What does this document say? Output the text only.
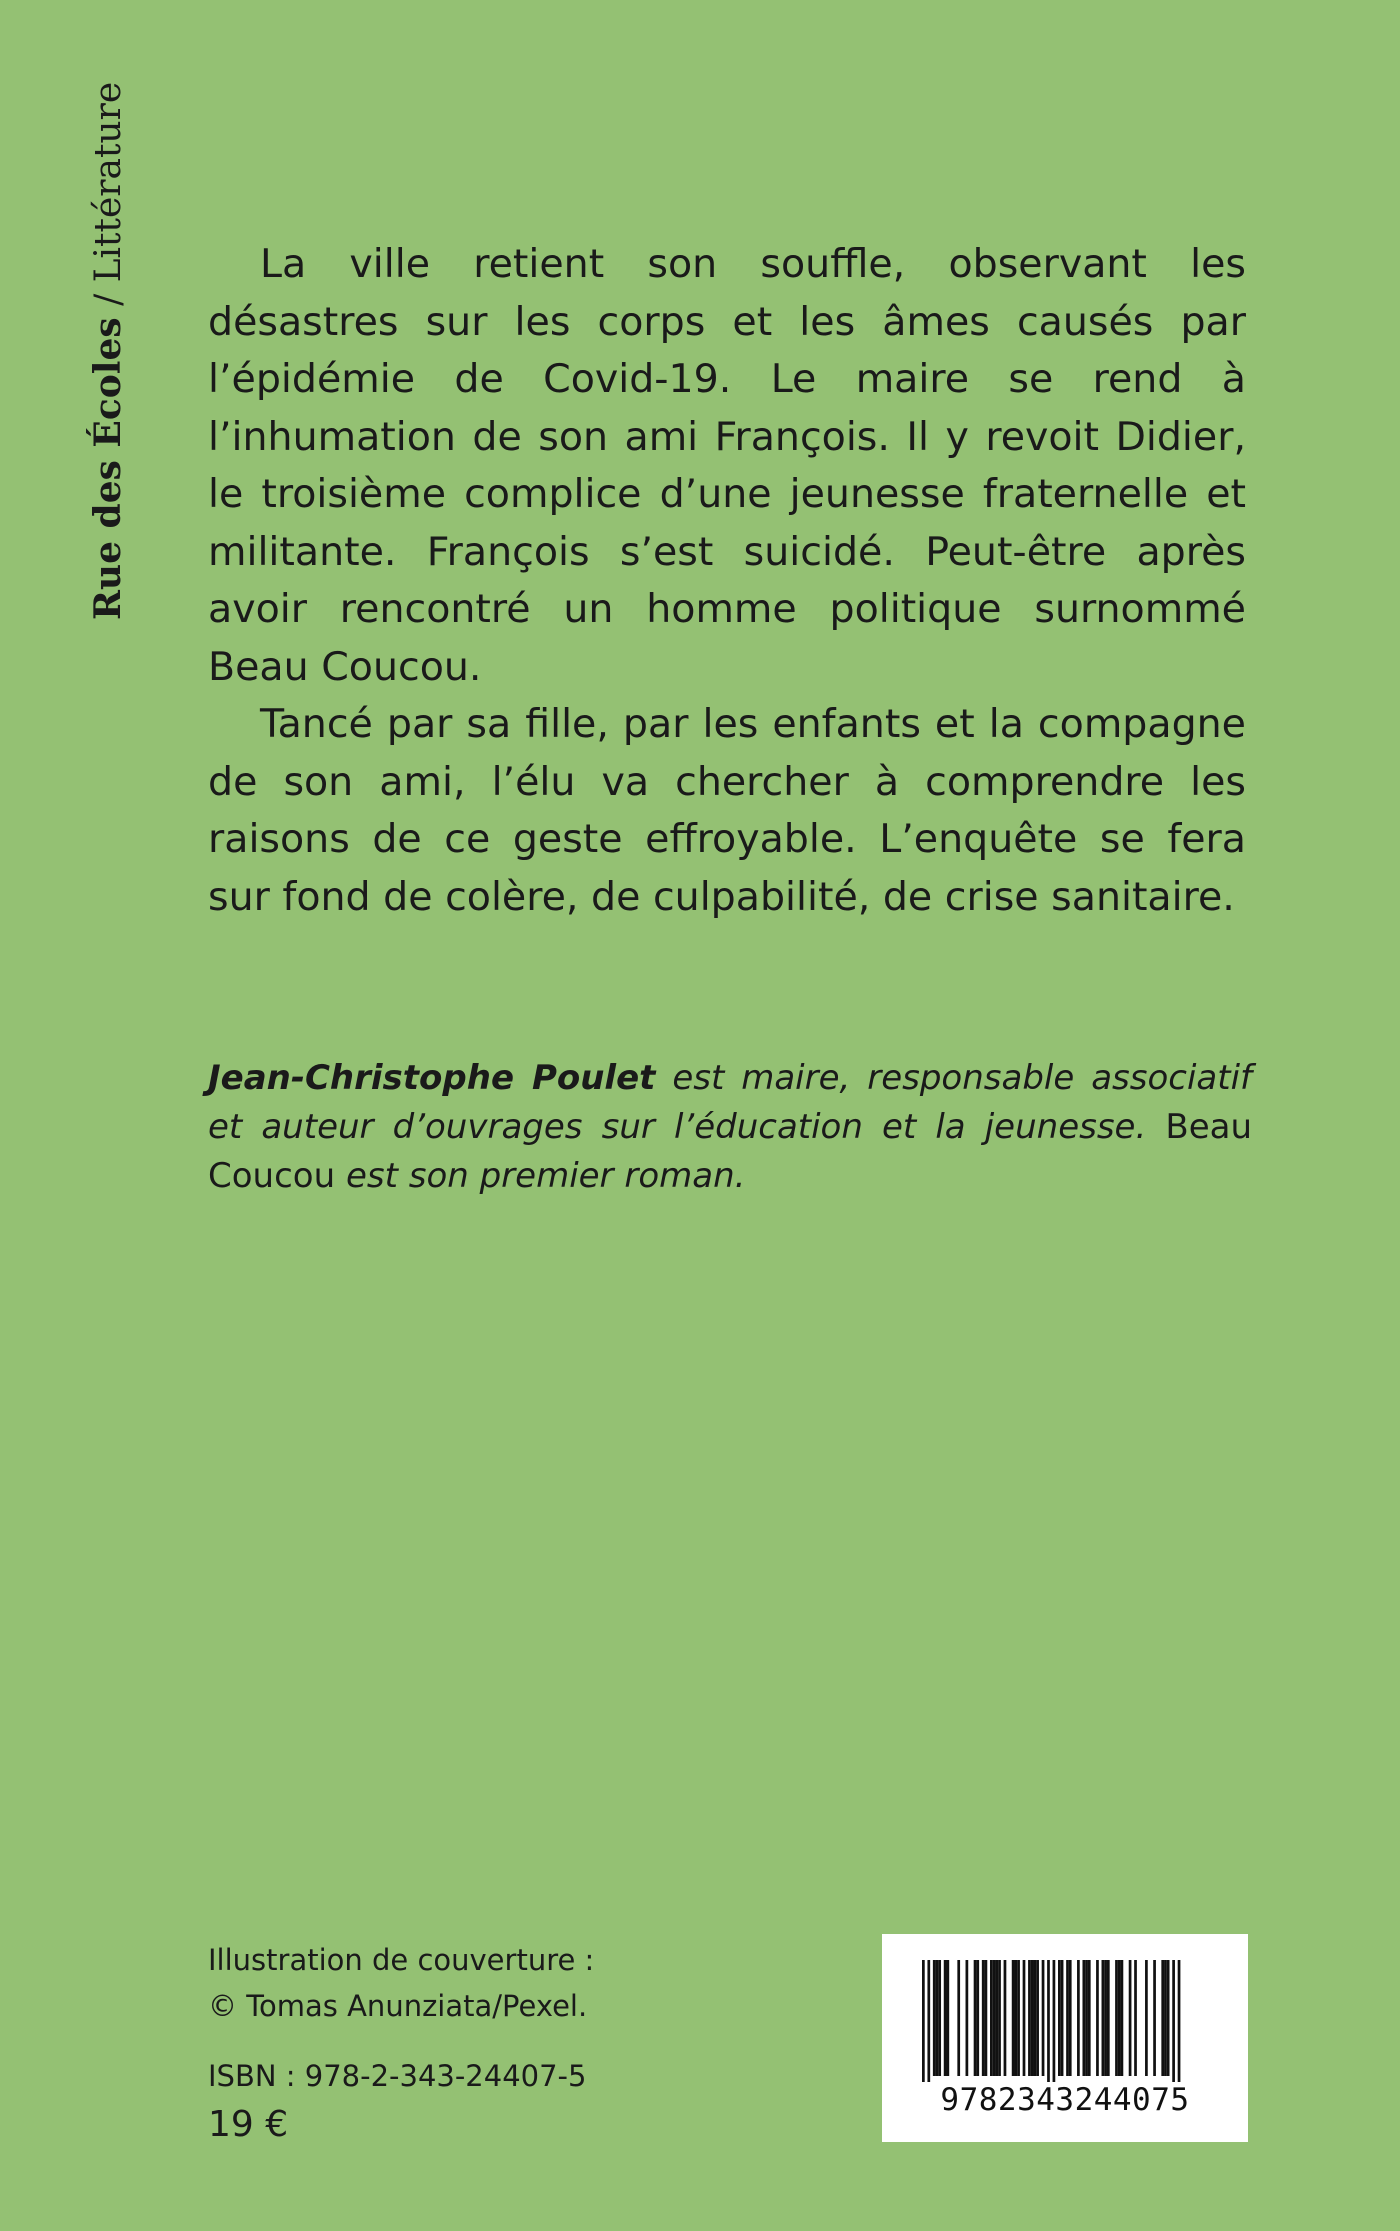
Rue des Écoles / Littérature	La ville retient son souffle, observant les désastres sur les corps et les âmes causés par l’épidémie de Covid-19. Le maire se rend à l’inhumation de son ami François. Il y revoit Didier, le troisième complice d’une jeunesse fraternelle et militante. François s’est suicidé. Peut-être après avoir rencontré un homme politique surnommé Beau Coucou.

Tancé par sa fille, par les enfants et la compagne de son ami, l’élu va chercher à comprendre les raisons de ce geste effroyable. L’enquête se fera sur fond de colère, de culpabilité, de crise sanitaire.

Jean-Christophe Poulet est maire, responsable associatif et auteur d’ouvrages sur l’éducation et la jeunesse. Beau Coucou est son premier roman.
Illustration de couverture :
© Tomas Anunziata/Pexel.
ISBN : 978-2-343-24407-5
19 €
9782343244075
